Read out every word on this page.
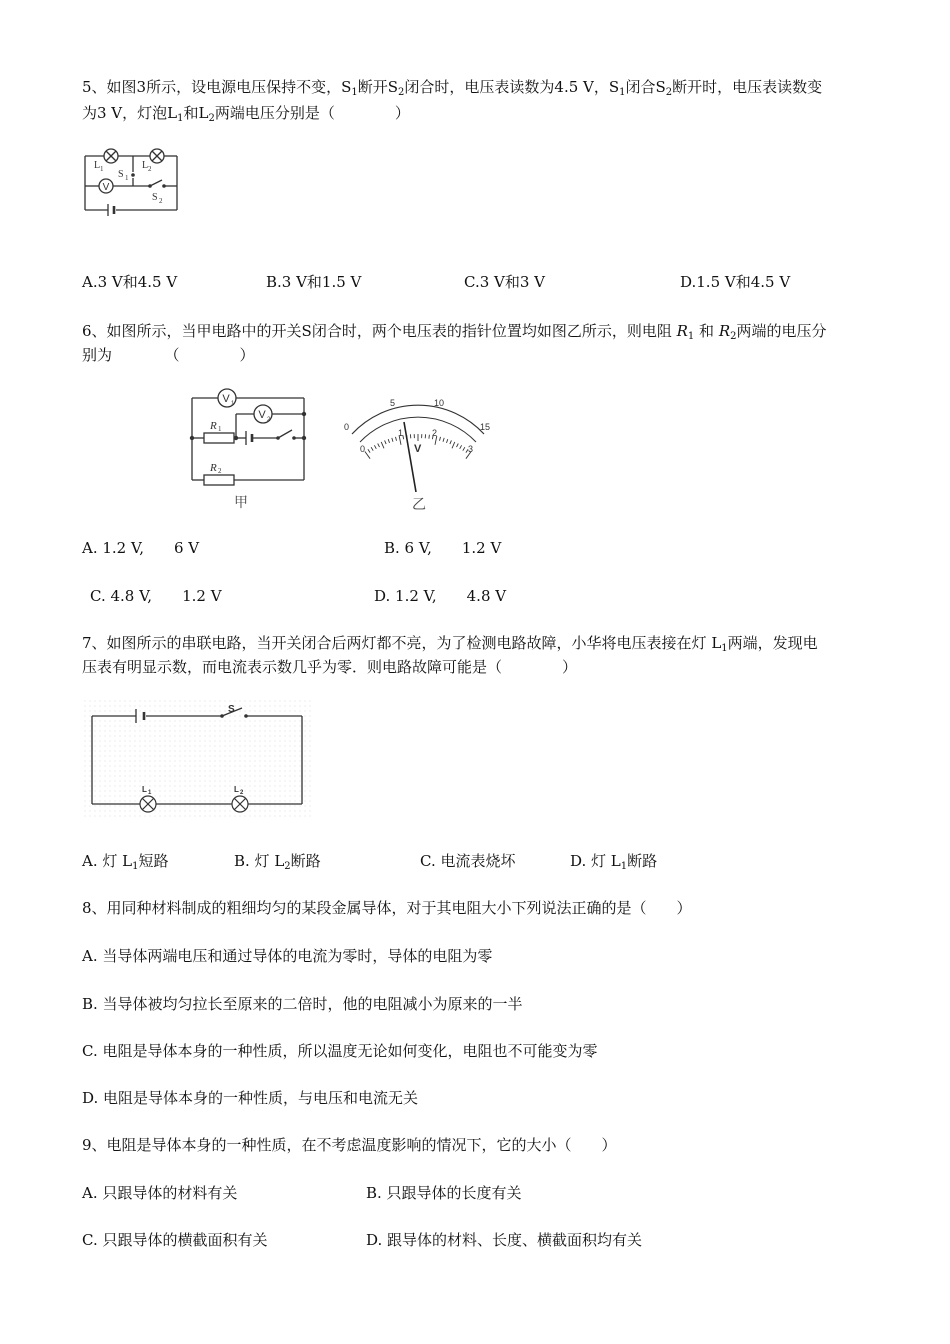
5、如图3所示，设电源电压保持不变，$S_1$断开$S_2$闭合时，电压表读数为4.5 V，$S_1$闭合$S_2$断开时，电压表读数变
为3 V，灯泡$L_1$和$L_2$两端电压分别是（　　　　）
V
L 1	L 2
S 1
S 2
A.3 V和4.5 V	B.3 V和1.5 V	C.3 V和3 V	D.1.5 V和4.5 V
6、如图所示，当甲电路中的开关S闭合时，两个电压表的指针位置均如图乙所示，则电阻 $R_1$ 和 $R_2$两端的电压分
别为　　　　（　　　　）
V 1
V 2
R
R
1
2
甲
0
5	10
15
0
1	2
3
V
乙
A. 1.2 V,　　6 V	B. 6 V,　　1.2 V
C. 4.8 V,　　1.2 V	D. 1.2 V,　　4.8 V
7、如图所示的串联电路，当开关闭合后两灯都不亮，为了检测电路故障，小华将电压表接在灯 $L_1$两端，发现电
压表有明显示数，而电流表示数几乎为零．则电路故障可能是（　　　　）
S
L 1	L 2
A. 灯 $L_1$短路	B. 灯 $L_2$断路	C. 电流表烧坏	D. 灯 $L_1$断路
8、用同种材料制成的粗细均匀的某段金属导体，对于其电阻大小下列说法正确的是（　　）
A. 当导体两端电压和通过导体的电流为零时，导体的电阻为零
B. 当导体被均匀拉长至原来的二倍时，他的电阻减小为原来的一半
C. 电阻是导体本身的一种性质，所以温度无论如何变化，电阻也不可能变为零
D. 电阻是导体本身的一种性质，与电压和电流无关
9、电阻是导体本身的一种性质，在不考虑温度影响的情况下，它的大小（　　）
A. 只跟导体的材料有关	B. 只跟导体的长度有关
C. 只跟导体的横截面积有关	D. 跟导体的材料、长度、横截面积均有关
